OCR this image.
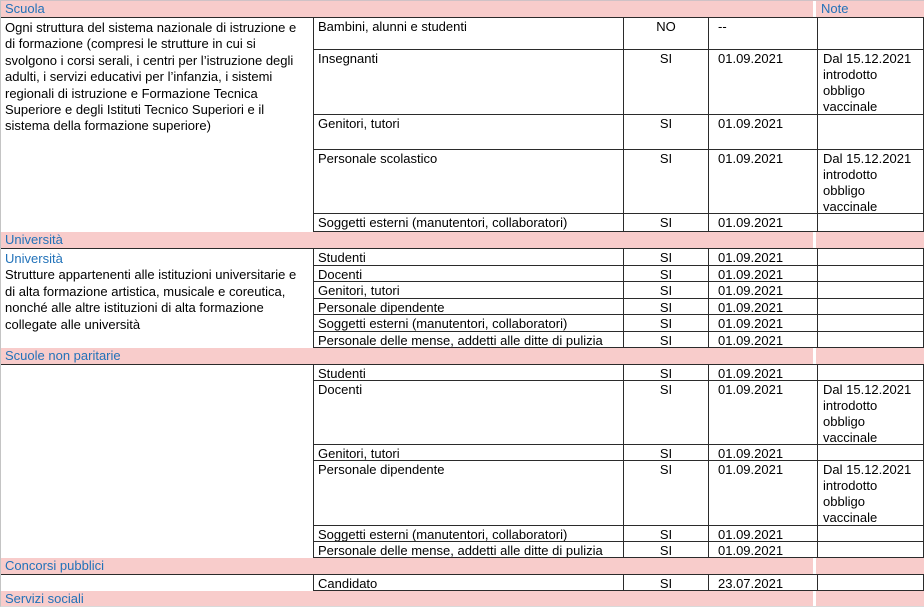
Scuola	Note
Ogni struttura del sistema nazionale di istruzione e di formazione (compresi le strutture in cui si svolgono i corsi serali, i centri per l’istruzione degli adulti, i servizi educativi per l’infanzia, i sistemi regionali di istruzione e Formazione Tecnica Superiore e degli Istituti Tecnico Superiori e il sistema della formazione superiore)
Bambini, alunni e studenti	NO	--
Insegnanti	SI	01.09.2021	Dal 15.12.2021 introdotto obbligo vaccinale
Genitori, tutori	SI	01.09.2021
Personale scolastico	SI	01.09.2021	Dal 15.12.2021 introdotto obbligo vaccinale
Soggetti esterni (manutentori, collaboratori)	SI	01.09.2021
Università
Università
Strutture appartenenti alle istituzioni universitarie e di alta formazione artistica, musicale e coreutica, nonché alle altre istituzioni di alta formazione collegate alle università
Studenti	SI	01.09.2021
Docenti	SI	01.09.2021
Genitori, tutori	SI	01.09.2021
Personale dipendente	SI	01.09.2021
Soggetti esterni (manutentori, collaboratori)	SI	01.09.2021
Personale delle mense, addetti alle ditte di pulizia	SI	01.09.2021
Scuole non paritarie
Studenti	SI	01.09.2021
Docenti	SI	01.09.2021	Dal 15.12.2021 introdotto obbligo vaccinale
Genitori, tutori	SI	01.09.2021
Personale dipendente	SI	01.09.2021	Dal 15.12.2021 introdotto obbligo vaccinale
Soggetti esterni (manutentori, collaboratori)	SI	01.09.2021
Personale delle mense, addetti alle ditte di pulizia	SI	01.09.2021
Concorsi pubblici
Candidato	SI	23.07.2021
Servizi sociali
